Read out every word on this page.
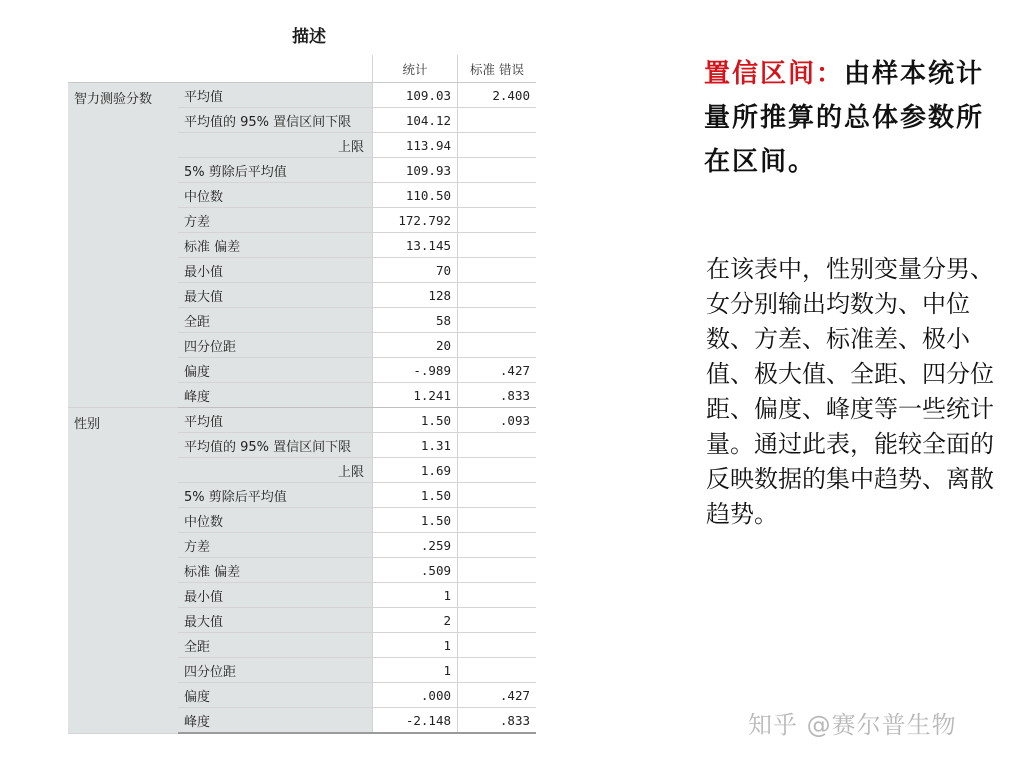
描述
		统计	标准 错误
智力测验分数	平均值	109.03	2.400
	平均值的 95% 置信区间下限	104.12	
	上限	113.94	
	5% 剪除后平均值	109.93	
	中位数	110.50	
	方差	172.792	
	标准 偏差	13.145	
	最小值	70	
	最大值	128	
	全距	58	
	四分位距	20	
	偏度	-.989	.427
	峰度	1.241	.833
性别	平均值	1.50	.093
	平均值的 95% 置信区间下限	1.31	
	上限	1.69	
	5% 剪除后平均值	1.50	
	中位数	1.50	
	方差	.259	
	标准 偏差	.509	
	最小值	1	
	最大值	2	
	全距	1	
	四分位距	1	
	偏度	.000	.427
	峰度	-2.148	.833
置信区间：由样本统计量所推算的总体参数所在区间。
在该表中，性别变量分男、女分别输出均数为、中位数、方差、标准差、极小值、极大值、全距、四分位距、偏度、峰度等一些统计量。通过此表，能较全面的反映数据的集中趋势、离散趋势。
知乎 @赛尔普生物
